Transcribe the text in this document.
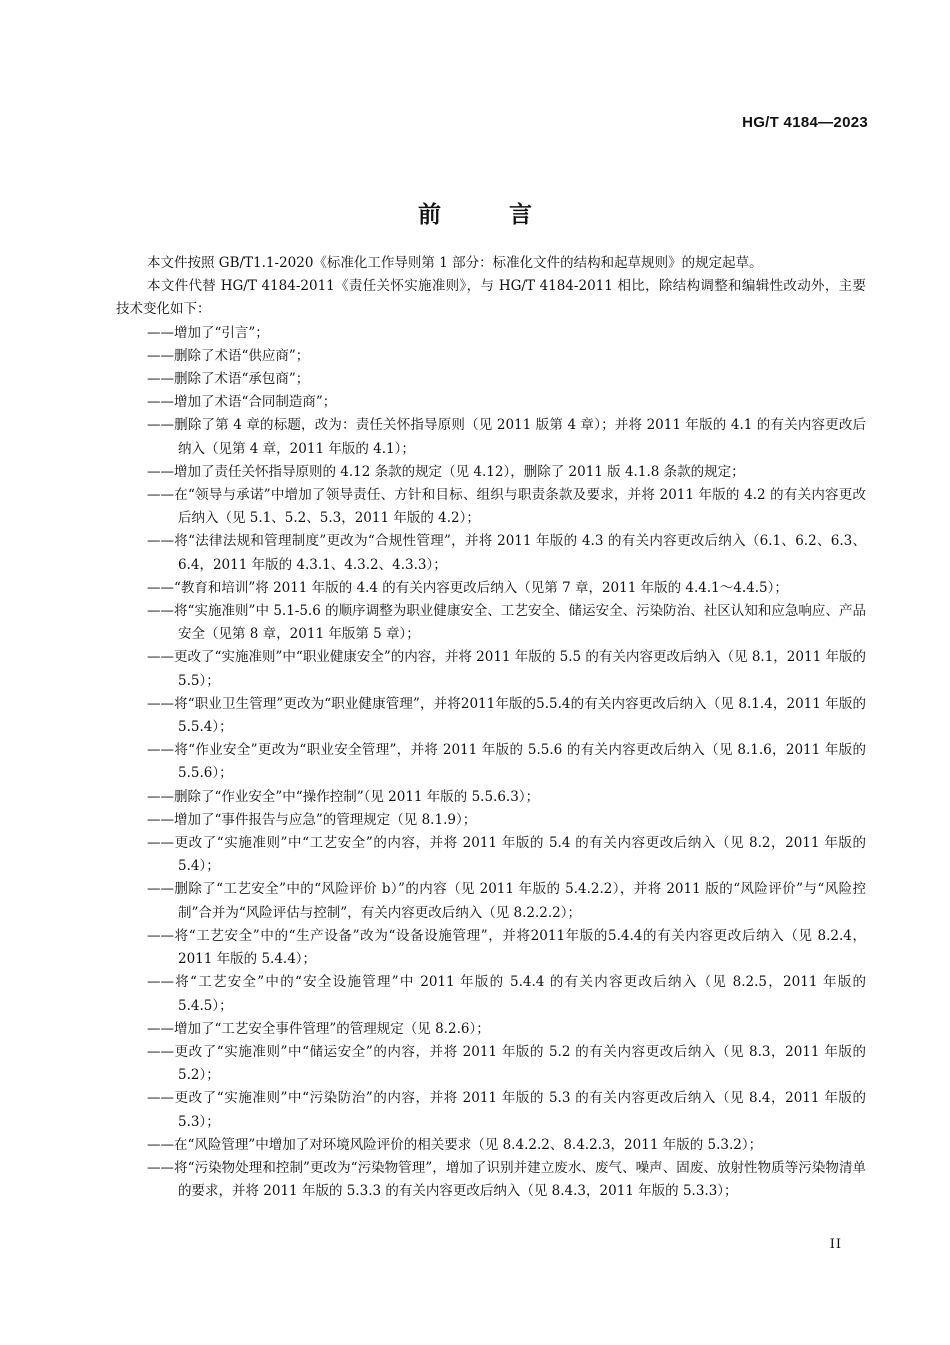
HG/T 4184—2023
前 言

本文件按照 GB/T1.1-2020《标准化工作导则第 1 部分：标准化文件的结构和起草规则》的规定起草。

本文件代替 HG/T 4184-2011《责任关怀实施准则》，与 HG/T 4184-2011 相比，除结构调整和编辑性改动外，主要技术变化如下：

——增加了“引言”；

——删除了术语“供应商”；

——删除了术语“承包商”；

——增加了术语“合同制造商”；

——删除了第 4 章的标题，改为：责任关怀指导原则（见 2011 版第 4 章）；并将 2011 年版的 4.1 的有关内容更改后纳入（见第 4 章，2011 年版的 4.1）；

——增加了责任关怀指导原则的 4.12 条款的规定（见 4.12），删除了 2011 版 4.1.8 条款的规定；

——在“领导与承诺”中增加了领导责任、方针和目标、组织与职责条款及要求，并将 2011 年版的 4.2 的有关内容更改后纳入（见 5.1、5.2、5.3，2011 年版的 4.2）；

——将“法律法规和管理制度”更改为“合规性管理”，并将 2011 年版的 4.3 的有关内容更改后纳入（6.1、6.2、6.3、6.4，2011 年版的 4.3.1、4.3.2、4.3.3）；

——“教育和培训”将 2011 年版的 4.4 的有关内容更改后纳入（见第 7 章，2011 年版的 4.4.1～4.4.5）；

——将“实施准则”中 5.1-5.6 的顺序调整为职业健康安全、工艺安全、储运安全、污染防治、社区认知和应急响应、产品安全（见第 8 章，2011 年版第 5 章）；

——更改了“实施准则”中“职业健康安全”的内容，并将 2011 年版的 5.5 的有关内容更改后纳入（见 8.1，2011 年版的 5.5）；

——将“职业卫生管理”更改为“职业健康管理”，并将2011年版的5.5.4的有关内容更改后纳入（见 8.1.4，2011 年版的 5.5.4）；

——将“作业安全”更改为“职业安全管理”，并将 2011 年版的 5.5.6 的有关内容更改后纳入（见 8.1.6，2011 年版的 5.5.6）；

——删除了“作业安全”中“操作控制”（见 2011 年版的 5.5.6.3）；

——增加了“事件报告与应急”的管理规定（见 8.1.9）；

——更改了“实施准则”中“工艺安全”的内容，并将 2011 年版的 5.4 的有关内容更改后纳入（见 8.2，2011 年版的 5.4）；

——删除了“工艺安全”中的“风险评价 b）”的内容（见 2011 年版的 5.4.2.2），并将 2011 版的“风险评价”与“风险控制”合并为“风险评估与控制”，有关内容更改后纳入（见 8.2.2.2）；

——将“工艺安全”中的“生产设备”改为“设备设施管理”，并将2011年版的5.4.4的有关内容更改后纳入（见 8.2.4，2011 年版的 5.4.4）；

——将“工艺安全”中的“安全设施管理”中 2011 年版的 5.4.4 的有关内容更改后纳入（见 8.2.5，2011 年版的 5.4.5）；

——增加了“工艺安全事件管理”的管理规定（见 8.2.6）；

——更改了“实施准则”中“储运安全”的内容，并将 2011 年版的 5.2 的有关内容更改后纳入（见 8.3，2011 年版的 5.2）；

——更改了“实施准则”中“污染防治”的内容，并将 2011 年版的 5.3 的有关内容更改后纳入（见 8.4，2011 年版的 5.3）；

——在“风险管理”中增加了对环境风险评价的相关要求（见 8.4.2.2、8.4.2.3，2011 年版的 5.3.2）；

——将“污染物处理和控制”更改为“污染物管理”，增加了识别并建立废水、废气、噪声、固废、放射性物质等污染物清单的要求，并将 2011 年版的 5.3.3 的有关内容更改后纳入（见 8.4.3，2011 年版的 5.3.3）；

II
